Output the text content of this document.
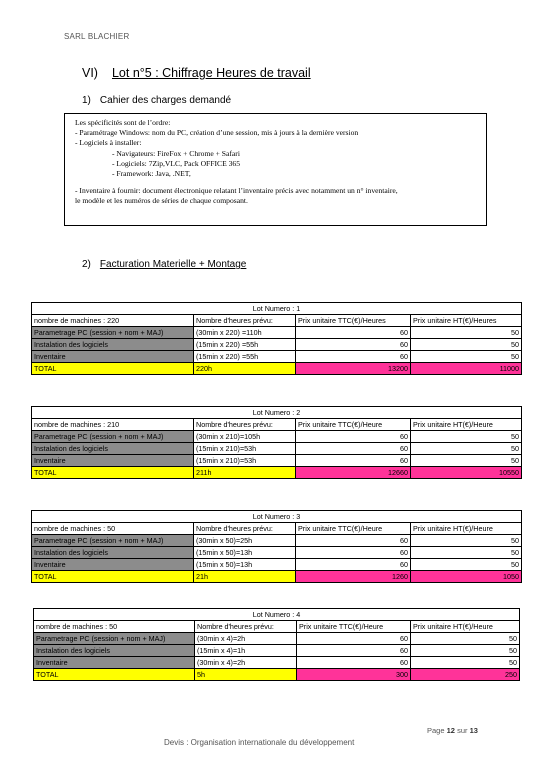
SARL BLACHIER
VI) Lot n°5 : Chiffrage Heures de travail
1) Cahier des charges demandé
Les spécificités sont de l’ordre:
- Paramétrage Windows: nom du PC, création d’une session, mis à jours à la dernière version
- Logiciels à installer:
- Navigateurs: FireFox + Chrome + Safari
- Logiciels: 7Zip,VLC, Pack OFFICE 365
- Framework: Java, .NET,
- Inventaire à fournir: document électronique relatant l’inventaire précis avec notamment un n° inventaire,
le modèle et les numéros de séries de chaque composant.
2) Facturation Materielle + Montage
Lot Numero : 1			
nombre de machines : 220	Nombre d'heures prévu:	Prix unitaire TTC(€)/Heures	Prix unitaire HT(€)/Heures
Parametrage PC (session + nom + MAJ)	(30min x 220) =110h	60	50
Instalation des logiciels	(15min x 220) =55h	60	50
Inventaire	(15min x 220) =55h	60	50
TOTAL	220h	13200	11000
Lot Numero : 2			
nombre de machines : 210	Nombre d'heures prévu:	Prix unitaire TTC(€)/Heure	Prix unitaire HT(€)/Heure
Parametrage PC (session + nom + MAJ)	(30min x 210)=105h	60	50
Instalation des logiciels	(15min x 210)=53h	60	50
Inventaire	(15min x 210)=53h	60	50
TOTAL	211h	12660	10550
Lot Numero : 3			
nombre de machines : 50	Nombre d'heures prévu:	Prix unitaire TTC(€)/Heure	Prix unitaire HT(€)/Heure
Parametrage PC (session + nom + MAJ)	(30min x 50)=25h	60	50
Instalation des logiciels	(15min x 50)=13h	60	50
Inventaire	(15min x 50)=13h	60	50
TOTAL	21h	1260	1050
Lot Numero : 4			
nombre de machines : 50	Nombre d'heures prévu:	Prix unitaire TTC(€)/Heure	Prix unitaire HT(€)/Heure
Parametrage PC (session + nom + MAJ)	(30min x 4)=2h	60	50
Instalation des logiciels	(15min x 4)=1h	60	50
Inventaire	(30min x 4)=2h	60	50
TOTAL	5h	300	250
Page 12 sur 13
Devis : Organisation internationale du développement
